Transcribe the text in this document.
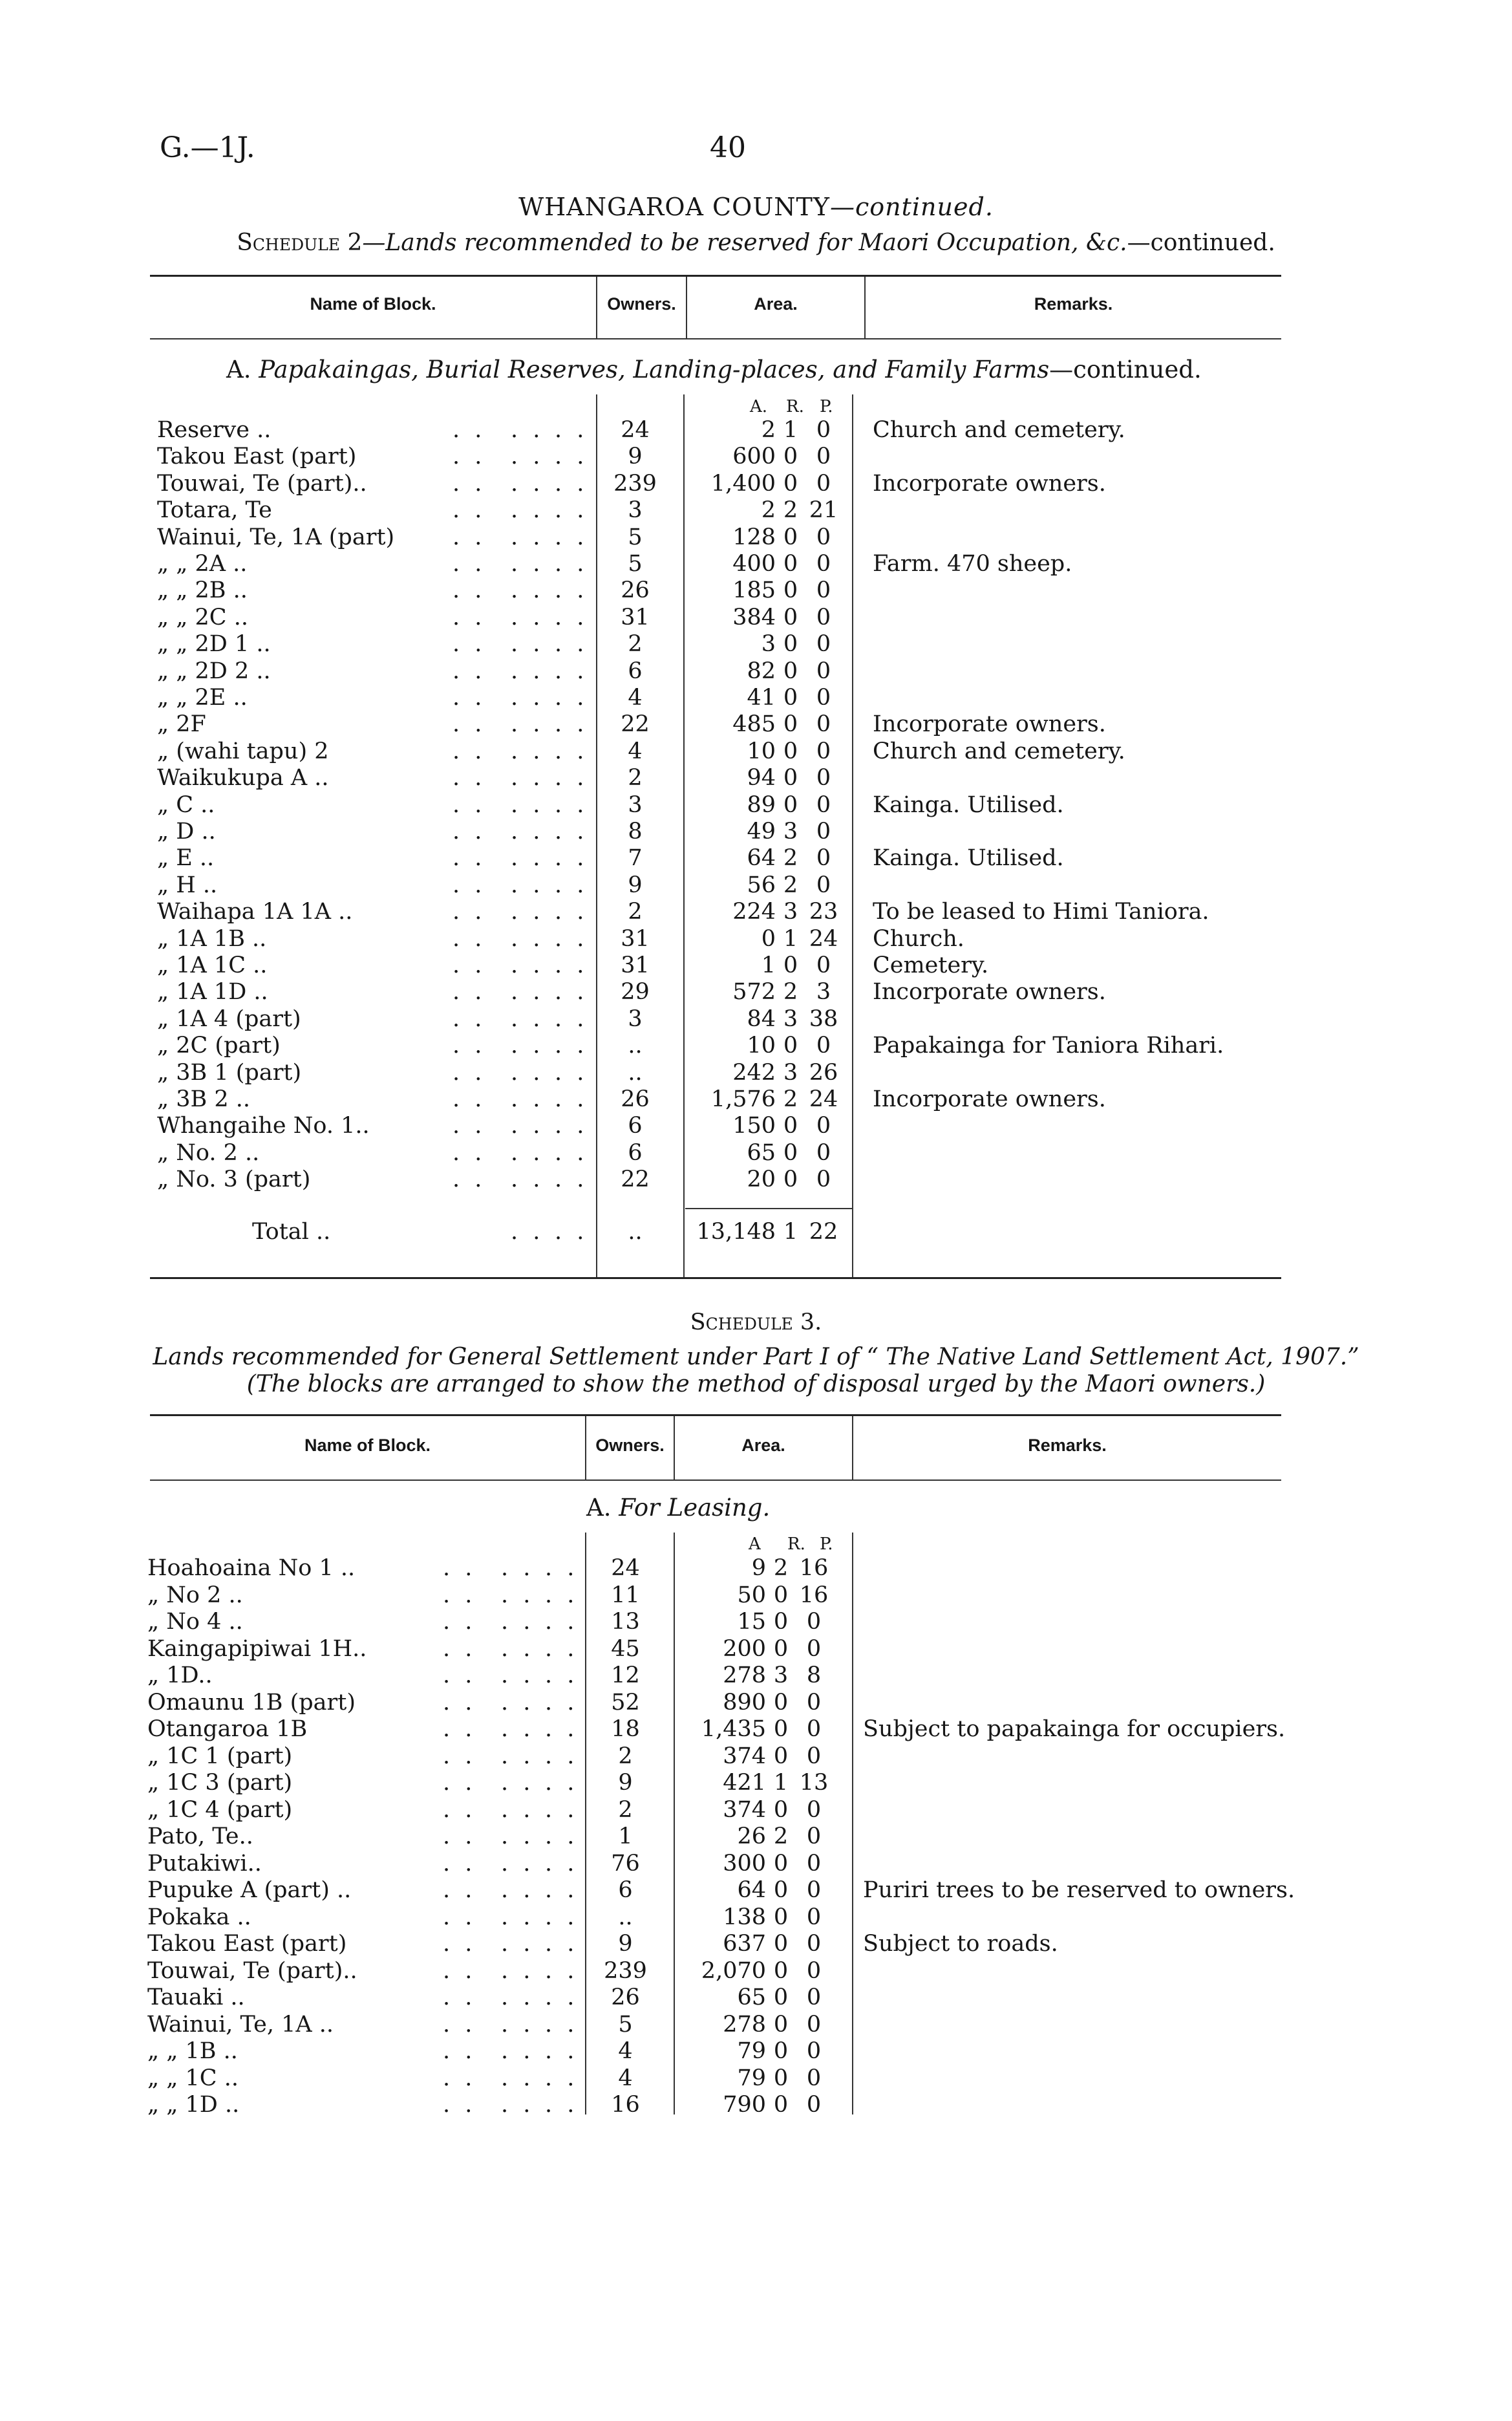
G.—1J.	40
WHANGAROA COUNTY—continued.
Schedule 2—Lands recommended to be reserved for Maori Occupation, &c.—continued.
Name of Block.	Owners.	Area.	Remarks.
A. Papakaingas, Burial Reserves, Landing-places, and Family Farms—continued.
A. R. P.
Reserve ..	24	2 1 0	Church and cemetery.
. . . . . .
Takou East (part)	9	600 0 0
. . . . . .
Touwai, Te (part)..	239	1,400 0 0	Incorporate owners.
. . . . . .
Totara, Te	3	2 2 21
. . . . . .
Wainui, Te, 1A (part)	5	128 0 0
. . . . . .
„ „ 2A ..	5	400 0 0	Farm. 470 sheep.
. . . . . .
„ „ 2B ..	26	185 0 0
. . . . . .
„ „ 2C ..	31	384 0 0
. . . . . .
„ „ 2D 1 ..	2	3 0 0
. . . . . .
„ „ 2D 2 ..	6	82 0 0
. . . . . .
„ „ 2E ..	4	41 0 0
. . . . . .
„ 2F	22	485 0 0	Incorporate owners.
. . . . . .
„ (wahi tapu) 2	4	10 0 0	Church and cemetery.
. . . . . .
Waikukupa A ..	2	94 0 0
. . . . . .
„ C ..	3	89 0 0	Kainga. Utilised.
. . . . . .
„ D ..	8	49 3 0
. . . . . .
„ E ..	7	64 2 0	Kainga. Utilised.
. . . . . .
„ H ..	9	56 2 0
. . . . . .
Waihapa 1A 1A ..	2	224 3 23 To be leased to Himi Taniora.
. . . . . .
„ 1A 1B ..	31	0 1 24 Church.
. . . . . .
„ 1A 1C ..	31	1 0 0	Cemetery.
. . . . . .
„ 1A 1D ..	29	572 2 3	Incorporate owners.
. . . . . .
„ 1A 4 (part)	3	84 3 38
. . . . . .
„ 2C (part)	..	10 0 0	Papakainga for Taniora Rihari.
. . . . . .
„ 3B 1 (part)	..	242 3 26
. . . . . .
„ 3B 2 ..	26	1,576 2 24 Incorporate owners.
. . . . . .
Whangaihe No. 1..	6	150 0 0
. . . . . .
„ No. 2 ..	6	65 0 0
. . . . . .
„ No. 3 (part)	22	20 0 0
. . . . . .
Total ..	. . . .	..	13,148 1 22
Schedule 3.
Lands recommended for General Settlement under Part I of “ The Native Land Settlement Act, 1907.”
(The blocks are arranged to show the method of disposal urged by the Maori owners.)
Name of Block.	Owners.	Area.	Remarks.
A. For Leasing.
A R. P.
Hoahoaina No 1 ..	24	9 2 16
. . . . . .
„ No 2 ..	11	50 0 16
. . . . . .
„ No 4 ..	13	15 0 0
. . . . . .
Kaingapipiwai 1H..	45	200 0 0
. . . . . .
„ 1D..	12	278 3 8
. . . . . .
Omaunu 1B (part)	52	890 0 0
. . . . . .
Otangaroa 1B	18	1,435 0 0	Subject to papakainga for occupiers.
. . . . . .
„ 1C 1 (part)	2	374 0 0
. . . . . .
„ 1C 3 (part)	9	421 1 13
. . . . . .
„ 1C 4 (part)	2	374 0 0
. . . . . .
Pato, Te..	1	26 2 0
. . . . . .
Putakiwi..	76	300 0 0
. . . . . .
Pupuke A (part) ..	6	64 0 0	Puriri trees to be reserved to owners.
. . . . . .
Pokaka ..	..	138 0 0
. . . . . .
Takou East (part)	9	637 0 0	Subject to roads.
. . . . . .
Touwai, Te (part)..	239	2,070 0 0
. . . . . .
Tauaki ..	26	65 0 0
. . . . . .
Wainui, Te, 1A ..	5	278 0 0
. . . . . .
„ „ 1B ..	4	79 0 0
. . . . . .
„ „ 1C ..	4	79 0 0
. . . . . .
„ „ 1D ..	16	790 0 0
. . . . . .
